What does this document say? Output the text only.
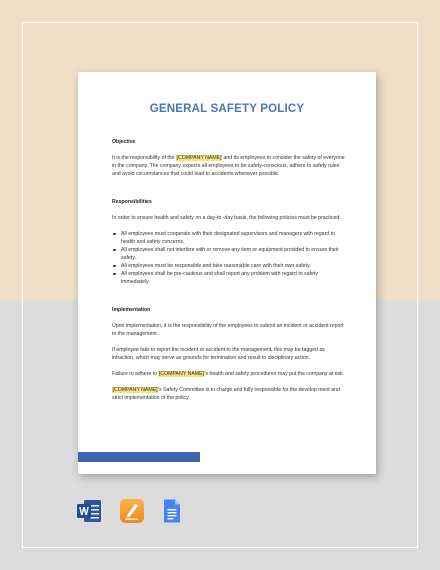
GENERAL SAFETY POLICY
Objective
It is the responsibility of the [COMPANY NAME] and its employees to consider the safety of everyone in the company. The company expects all employees to be safety-conscious, adhere to safety rules and avoid circumstances that could lead to accidents whenever possible.
Responsibilities
In order to ensure health and safety on a day-to -day basis, the following policies must be practiced:
All employees must cooperate with their designated supervisors and managers with regard to health and safety concerns.
All employees shall not interfere with or remove any item or equipment provided to ensure their safety.
All employees must be responsible and take reasonable care with their own safety.
All employees shall be pre-cautious and shall report any problem with regard to safety immediately.
Implementation
Upon implementation, it is the responsibility of the employees to submit an incident or accident report to the management.
If employee fails to report the incident or accident to the management, this may be tagged as infraction, which may serve as grounds for termination and result to disciplinary action.
Failure to adhere to [COMPANY NAME]'s health and safety procedures may put the company at risk.
[COMPANY NAME]'s Safety Committee is in charge and fully responsible for the develop ment and strict implementation of the policy.
